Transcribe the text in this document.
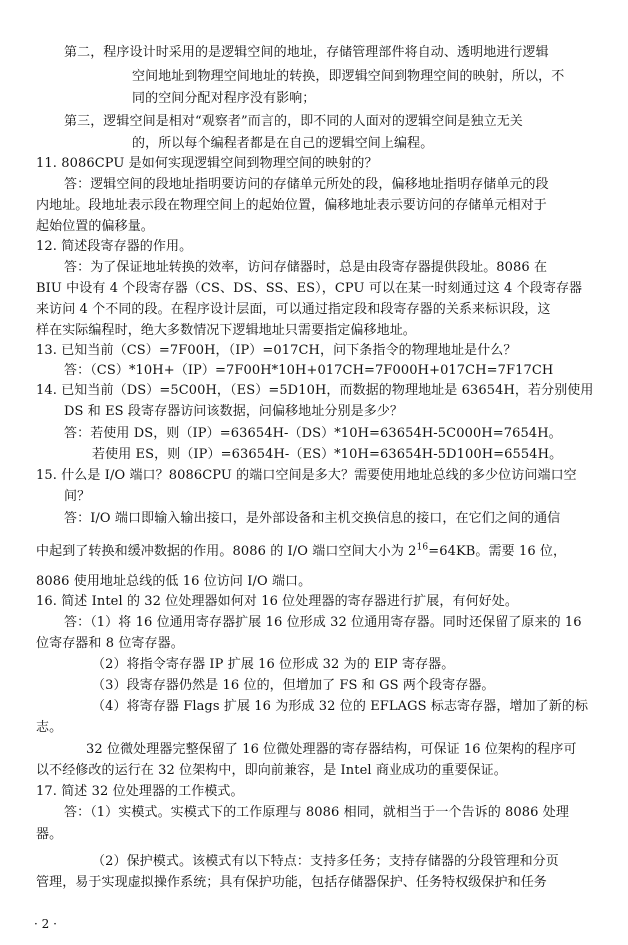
第二，程序设计时采用的是逻辑空间的地址，存储管理部件将自动、透明地进行逻辑
空间地址到物理空间地址的转换，即逻辑空间到物理空间的映射，所以，不
同的空间分配对程序没有影响；
第三，逻辑空间是相对“观察者”而言的，即不同的人面对的逻辑空间是独立无关
的，所以每个编程者都是在自己的逻辑空间上编程。
11. 8086CPU 是如何实现逻辑空间到物理空间的映射的？
答：逻辑空间的段地址指明要访问的存储单元所处的段，偏移地址指明存储单元的段
内地址。段地址表示段在物理空间上的起始位置，偏移地址表示要访问的存储单元相对于
起始位置的偏移量。
12. 简述段寄存器的作用。
答：为了保证地址转换的效率，访问存储器时，总是由段寄存器提供段址。8086 在
BIU 中设有 4 个段寄存器（CS、DS、SS、ES），CPU 可以在某一时刻通过这 4 个段寄存器
来访问 4 个不同的段。在程序设计层面，可以通过指定段和段寄存器的关系来标识段，这
样在实际编程时，绝大多数情况下逻辑地址只需要指定偏移地址。
13. 已知当前（CS）=7F00H，（IP）=017CH，问下条指令的物理地址是什么？
答：（CS）*10H+（IP）=7F00H*10H+017CH=7F000H+017CH=7F17CH
14. 已知当前（DS）=5C00H，（ES）=5D10H，而数据的物理地址是 63654H，若分别使用
DS 和 ES 段寄存器访问该数据，问偏移地址分别是多少？
答：若使用 DS，则（IP）=63654H-（DS）*10H=63654H-5C000H=7654H。
若使用 ES，则（IP）=63654H-（ES）*10H=63654H-5D100H=6554H。
15. 什么是 I/O 端口？8086CPU 的端口空间是多大？需要使用地址总线的多少位访问端口空
间？
答：I/O 端口即输入输出接口，是外部设备和主机交换信息的接口，在它们之间的通信
中起到了转换和缓冲数据的作用。8086 的 I/O 端口空间大小为 $2^{16}=64KB$。需要 16 位，
8086 使用地址总线的低 16 位访问 I/O 端口。
16. 简述 Intel 的 32 位处理器如何对 16 位处理器的寄存器进行扩展，有何好处。
答：（1）将 16 位通用寄存器扩展 16 位形成 32 位通用寄存器。同时还保留了原来的 16
位寄存器和 8 位寄存器。
（2）将指令寄存器 IP 扩展 16 位形成 32 为的 EIP 寄存器。
（3）段寄存器仍然是 16 位的，但增加了 FS 和 GS 两个段寄存器。
（4）将寄存器 Flags 扩展 16 为形成 32 位的 EFLAGS 标志寄存器，增加了新的标
志。
32 位微处理器完整保留了 16 位微处理器的寄存器结构，可保证 16 位架构的程序可
以不经修改的运行在 32 位架构中，即向前兼容，是 Intel 商业成功的重要保证。
17. 简述 32 位处理器的工作模式。
答：（1）实模式。实模式下的工作原理与 8086 相同，就相当于一个告诉的 8086 处理
器。
（2）保护模式。该模式有以下特点：支持多任务；支持存储器的分段管理和分页
管理，易于实现虚拟操作系统；具有保护功能，包括存储器保护、任务特权级保护和任务
· 2 ·
